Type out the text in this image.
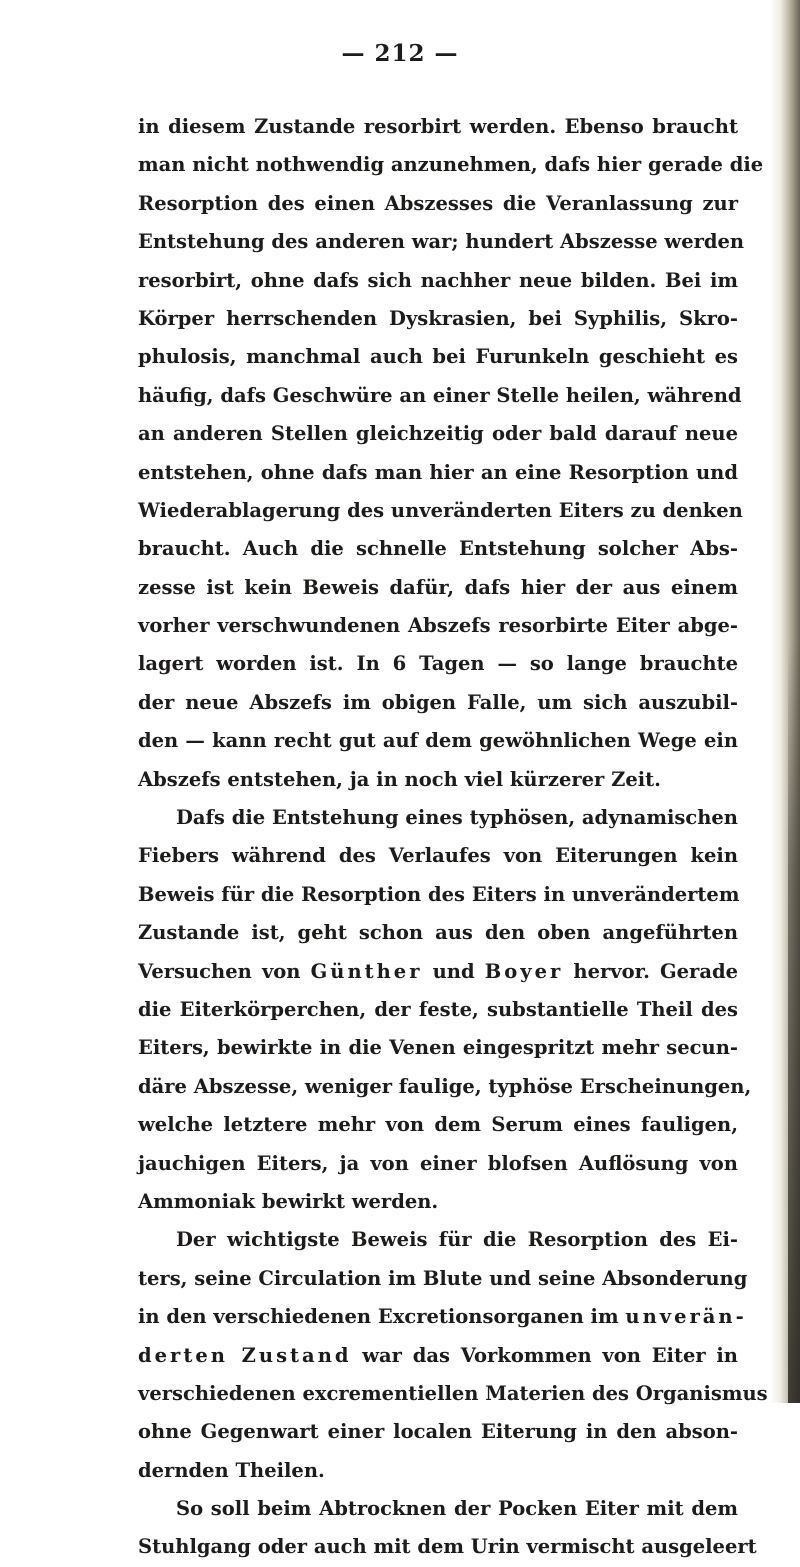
— 212 —
in diesem Zustande resorbirt werden. Ebenso braucht
man nicht nothwendig anzunehmen, dafs hier gerade die
Resorption des einen Abszesses die Veranlassung zur
Entstehung des anderen war; hundert Abszesse werden
resorbirt, ohne dafs sich nachher neue bilden. Bei im
Körper herrschenden Dyskrasien, bei Syphilis, Skro-
phulosis, manchmal auch bei Furunkeln geschieht es
häufig, dafs Geschwüre an einer Stelle heilen, während
an anderen Stellen gleichzeitig oder bald darauf neue
entstehen, ohne dafs man hier an eine Resorption und
Wiederablagerung des unveränderten Eiters zu denken
braucht. Auch die schnelle Entstehung solcher Abs-
zesse ist kein Beweis dafür, dafs hier der aus einem
vorher verschwundenen Abszefs resorbirte Eiter abge-
lagert worden ist. In 6 Tagen — so lange brauchte
der neue Abszefs im obigen Falle, um sich auszubil-
den — kann recht gut auf dem gewöhnlichen Wege ein
Abszefs entstehen, ja in noch viel kürzerer Zeit.
Dafs die Entstehung eines typhösen, adynamischen
Fiebers während des Verlaufes von Eiterungen kein
Beweis für die Resorption des Eiters in unverändertem
Zustande ist, geht schon aus den oben angeführten
Versuchen von Günther und Boyer hervor. Gerade
die Eiterkörperchen, der feste, substantielle Theil des
Eiters, bewirkte in die Venen eingespritzt mehr secun-
däre Abszesse, weniger faulige, typhöse Erscheinungen,
welche letztere mehr von dem Serum eines fauligen,
jauchigen Eiters, ja von einer blofsen Auflösung von
Ammoniak bewirkt werden.
Der wichtigste Beweis für die Resorption des Ei-
ters, seine Circulation im Blute und seine Absonderung
in den verschiedenen Excretionsorganen im unverän-
derten Zustand war das Vorkommen von Eiter in
verschiedenen excrementiellen Materien des Organismus
ohne Gegenwart einer localen Eiterung in den abson-
dernden Theilen.
So soll beim Abtrocknen der Pocken Eiter mit dem
Stuhlgang oder auch mit dem Urin vermischt ausgeleert
